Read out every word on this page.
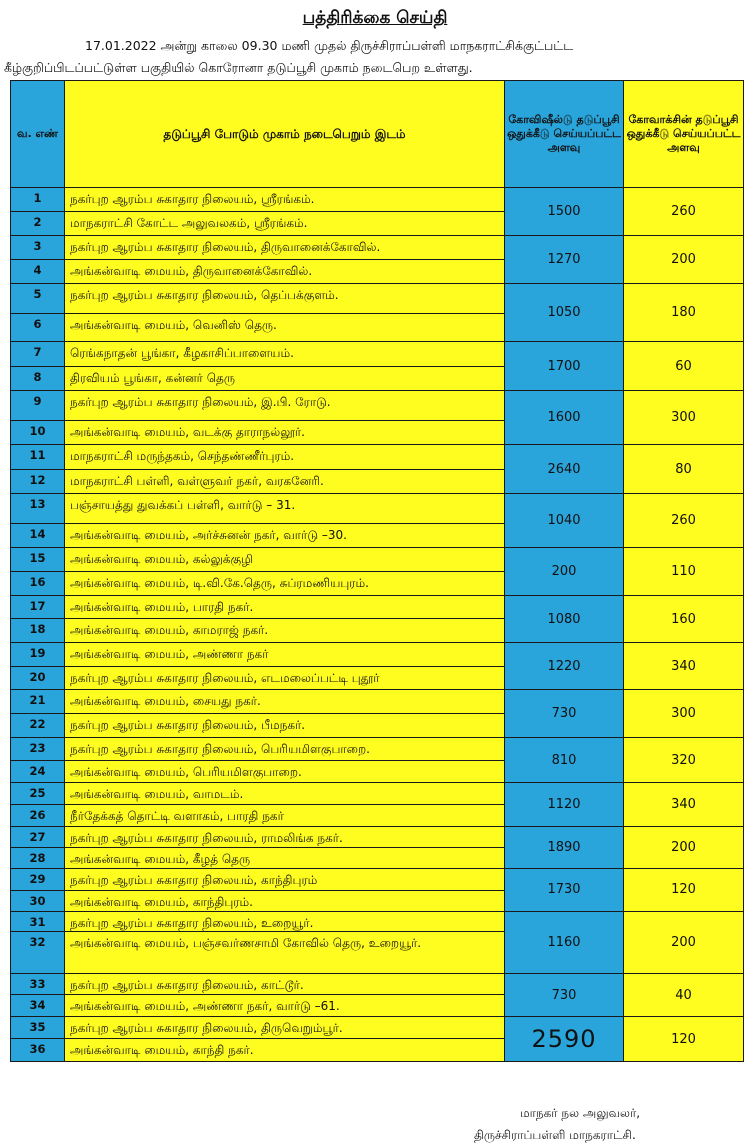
பத்திரிக்கை செய்தி
17.01.2022 அன்று காலை 09.30 மணி முதல் திருச்சிராப்பள்ளி மாநகராட்சிக்குட்பட்ட
கீழ்குறிப்பிடப்பட்டுள்ள பகுதியில் கொரோனா தடுப்பூசி முகாம் நடைபெற உள்ளது.
வ. எண்	தடுப்பூசி போடும் முகாம் நடைபெறும் இடம்	கோவிஷீல்டு தடுப்பூசி ஒதுக்கீடு செய்யப்பட்ட அளவு	கோவாக்சின் தடுப்பூசி ஒதுக்கீடு செய்யப்பட்ட அளவு
1	நகர்புற ஆரம்ப சுகாதார நிலையம், ஸ்ரீரங்கம்.	1500	260
2	மாநகராட்சி கோட்ட அலுவலகம், ஸ்ரீரங்கம்.		
3	நகர்புற ஆரம்ப சுகாதார நிலையம், திருவானைக்கோவில்.	1270	200
4	அங்கன்வாடி மையம், திருவானைக்கோவில்.		
5	நகர்புற ஆரம்ப சுகாதார நிலையம், தெப்பக்குளம்.	1050	180
6	அங்கன்வாடி மையம், வெனிஸ் தெரு.		
7	ரெங்கநாதன் பூங்கா, கீழகாசிப்பாளையம்.	1700	60
8	திரவியம் பூங்கா, கன்னர் தெரு		
9	நகர்புற ஆரம்ப சுகாதார நிலையம், இ.பி. ரோடு.	1600	300
10	அங்கன்வாடி மையம், வடக்கு தாராநல்லூர்.		
11	மாநகராட்சி மருந்தகம், செந்தண்ணீர்புரம்.	2640	80
12	மாநகராட்சி பள்ளி, வள்ளுவர் நகர், வரகனேரி.		
13	பஞ்சாயத்து துவக்கப் பள்ளி, வார்டு – 31.	1040	260
14	அங்கன்வாடி மையம், அர்ச்சுனன் நகர், வார்டு –30.		
15	அங்கன்வாடி மையம், கல்லுக்குழி	200	110
16	அங்கன்வாடி மையம், டி.வி.கே.தெரு, சுப்ரமணியபுரம்.		
17	அங்கன்வாடி மையம், பாரதி நகர்.	1080	160
18	அங்கன்வாடி மையம், காமராஜ் நகர்.		
19	அங்கன்வாடி மையம், அண்ணா நகர்	1220	340
20	நகர்புற ஆரம்ப சுகாதார நிலையம், எடமலைப்பட்டி புதூர்		
21	அங்கன்வாடி மையம், சையது நகர்.	730	300
22	நகர்புற ஆரம்ப சுகாதார நிலையம், பீமநகர்.		
23	நகர்புற ஆரம்ப சுகாதார நிலையம், பெரியமிளகுபாறை.	810	320
24	அங்கன்வாடி மையம், பெரியமிளகுபாறை.		
25	அங்கன்வாடி மையம், வாமடம்.	1120	340
26	நீர்தேக்கத் தொட்டி வளாகம், பாரதி நகர்		
27	நகர்புற ஆரம்ப சுகாதார நிலையம், ராமலிங்க நகர்.	1890	200
28	அங்கன்வாடி மையம், கீழத் தெரு		
29	நகர்புற ஆரம்ப சுகாதார நிலையம், காந்திபுரம்	1730	120
30	அங்கன்வாடி மையம், காந்திபுரம்.		
31	நகர்புற ஆரம்ப சுகாதார நிலையம், உறையூர்.	1160	200
32	அங்கன்வாடி மையம், பஞ்சவர்ணசாமி கோவில் தெரு, உறையூர்.		
33	நகர்புற ஆரம்ப சுகாதார நிலையம், காட்டூர்.	730	40
34	அங்கன்வாடி மையம், அண்ணா நகர், வார்டு –61.		
35	நகர்புற ஆரம்ப சுகாதார நிலையம், திருவெறும்பூர்.	2590	120
36	அங்கன்வாடி மையம், காந்தி நகர்.		
மாநகர் நல அலுவலர்,
திருச்சிராப்பள்ளி மாநகராட்சி.
